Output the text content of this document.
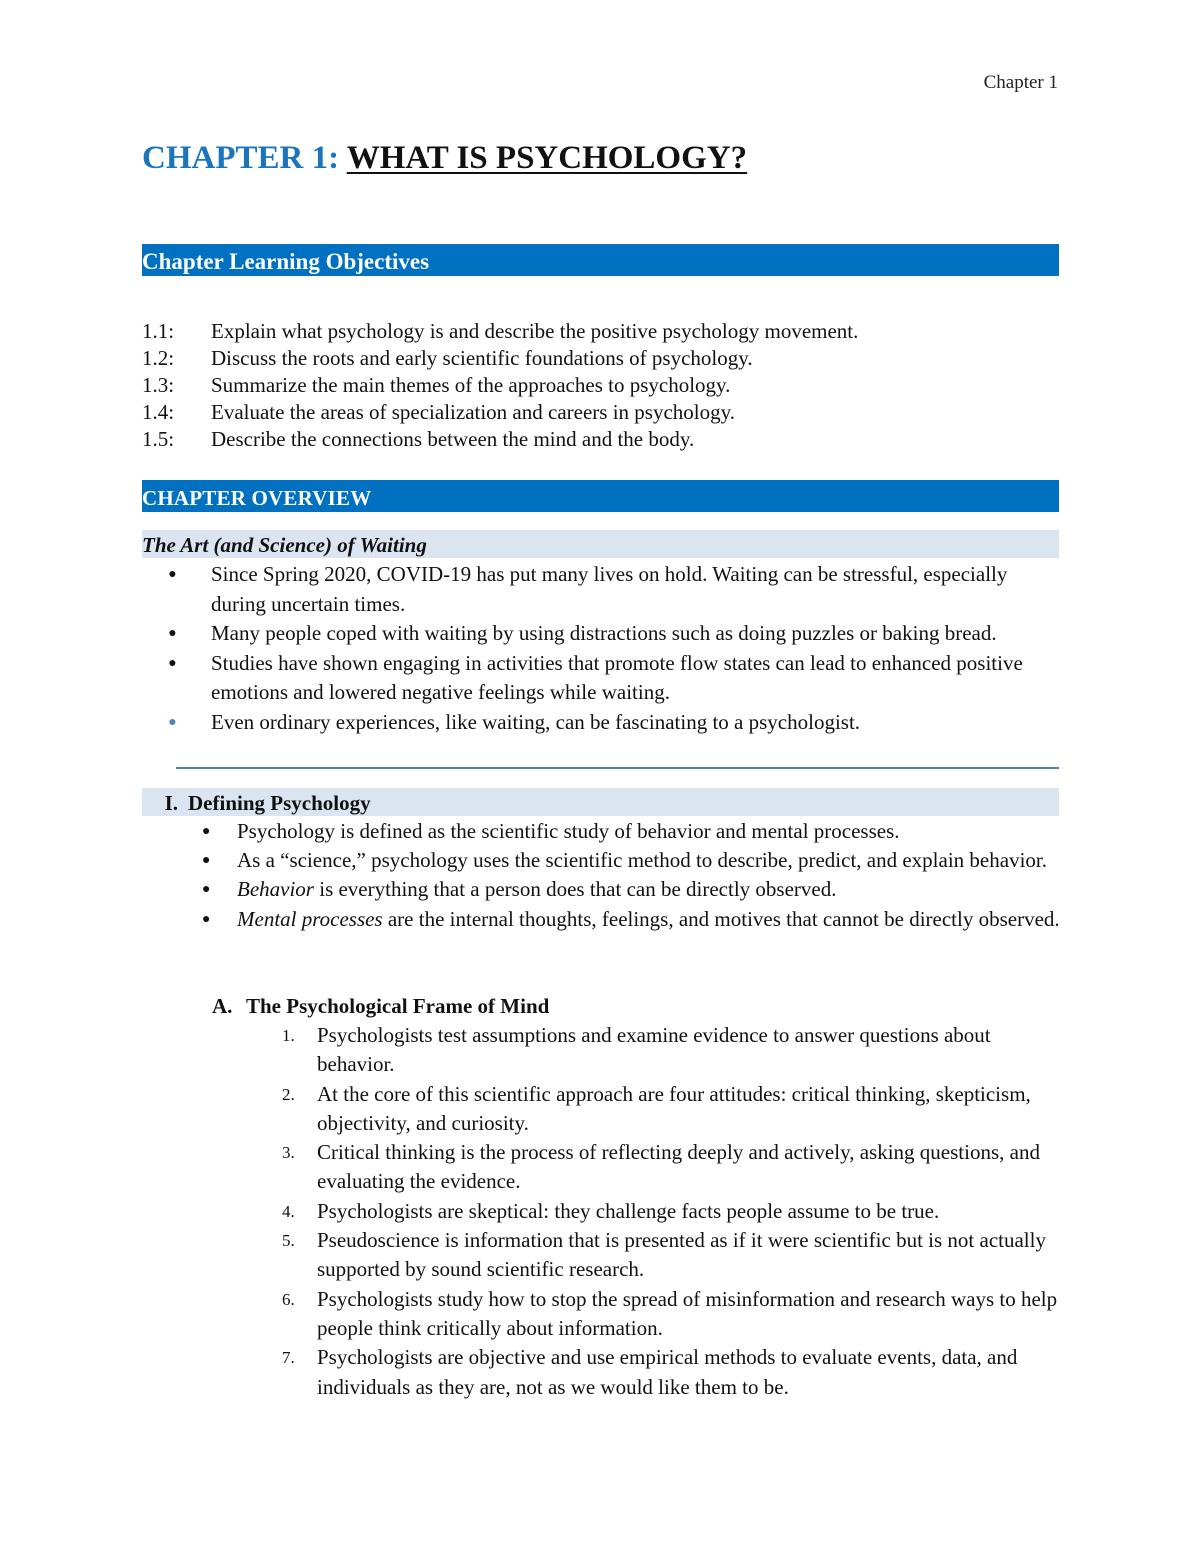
Chapter 1
CHAPTER 1: WHAT IS PSYCHOLOGY?
Chapter Learning Objectives
1.1:	Explain what psychology is and describe the positive psychology movement.
1.2:	Discuss the roots and early scientific foundations of psychology.
1.3:	Summarize the main themes of the approaches to psychology.
1.4:	Evaluate the areas of specialization and careers in psychology.
1.5:	Describe the connections between the mind and the body.
CHAPTER OVERVIEW
The Art (and Science) of Waiting
●	Since Spring 2020, COVID-19 has put many lives on hold. Waiting can be stressful, especially during uncertain times.
●	Many people coped with waiting by using distractions such as doing puzzles or baking bread.
●	Studies have shown engaging in activities that promote flow states can lead to enhanced positive emotions and lowered negative feelings while waiting.
●	Even ordinary experiences, like waiting, can be fascinating to a psychologist.
I. Defining Psychology
●	Psychology is defined as the scientific study of behavior and mental processes.
●	As a “science,” psychology uses the scientific method to describe, predict, and explain behavior.
●	Behavior is everything that a person does that can be directly observed.
●	Mental processes are the internal thoughts, feelings, and motives that cannot be directly observed.
A. The Psychological Frame of Mind
1.	Psychologists test assumptions and examine evidence to answer questions about behavior.
2.	At the core of this scientific approach are four attitudes: critical thinking, skepticism, objectivity, and curiosity.
3.	Critical thinking is the process of reflecting deeply and actively, asking questions, and evaluating the evidence.
4.	Psychologists are skeptical: they challenge facts people assume to be true.
5.	Pseudoscience is information that is presented as if it were scientific but is not actually supported by sound scientific research.
6.	Psychologists study how to stop the spread of misinformation and research ways to help people think critically about information.
7.	Psychologists are objective and use empirical methods to evaluate events, data, and individuals as they are, not as we would like them to be.
